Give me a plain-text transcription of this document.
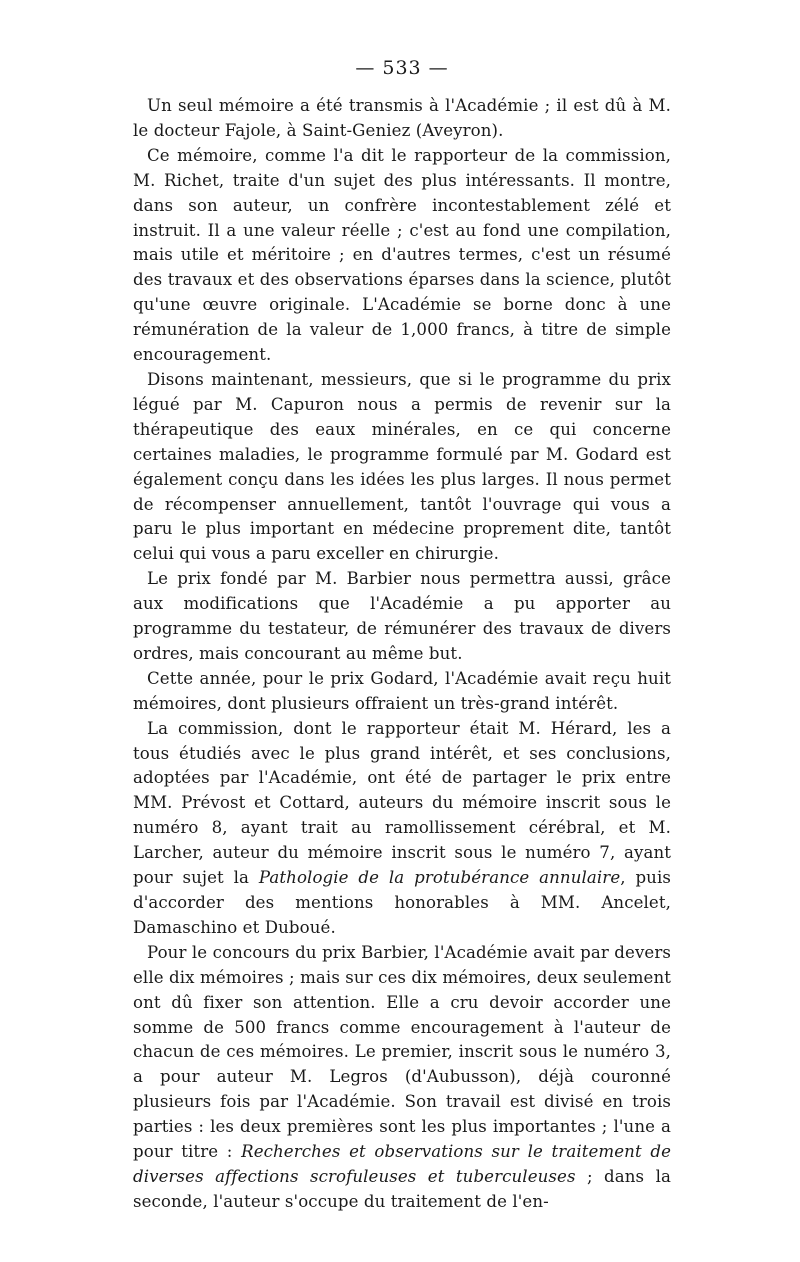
— 533 —

Un seul mémoire a été transmis à l'Académie ; il est dû à M. le docteur Fajole, à Saint-Geniez (Aveyron).

Ce mémoire, comme l'a dit le rapporteur de la commission, M. Richet, traite d'un sujet des plus intéressants. Il montre, dans son auteur, un confrère incontestablement zélé et instruit. Il a une valeur réelle ; c'est au fond une compilation, mais utile et méritoire ; en d'autres termes, c'est un résumé des travaux et des observations éparses dans la science, plutôt qu'une œuvre originale. L'Académie se borne donc à une rémunération de la valeur de 1,000 francs, à titre de simple encouragement.

Disons maintenant, messieurs, que si le programme du prix légué par M. Capuron nous a permis de revenir sur la thérapeutique des eaux minérales, en ce qui concerne certaines maladies, le programme formulé par M. Godard est également conçu dans les idées les plus larges. Il nous permet de récompenser annuellement, tantôt l'ouvrage qui vous a paru le plus important en médecine proprement dite, tantôt celui qui vous a paru exceller en chirurgie.

Le prix fondé par M. Barbier nous permettra aussi, grâce aux modifications que l'Académie a pu apporter au programme du testateur, de rémunérer des travaux de divers ordres, mais concourant au même but.

Cette année, pour le prix Godard, l'Académie avait reçu huit mémoires, dont plusieurs offraient un très-grand intérêt.

La commission, dont le rapporteur était M. Hérard, les a tous étudiés avec le plus grand intérêt, et ses conclusions, adoptées par l'Académie, ont été de partager le prix entre MM. Prévost et Cottard, auteurs du mémoire inscrit sous le numéro 8, ayant trait au ramollissement cérébral, et M. Larcher, auteur du mémoire inscrit sous le numéro 7, ayant pour sujet la Pathologie de la protubérance annulaire, puis d'accorder des mentions honorables à MM. Ancelet, Damaschino et Duboué.

Pour le concours du prix Barbier, l'Académie avait par devers elle dix mémoires ; mais sur ces dix mémoires, deux seulement ont dû fixer son attention. Elle a cru devoir accorder une somme de 500 francs comme encouragement à l'auteur de chacun de ces mémoires. Le premier, inscrit sous le numéro 3, a pour auteur M. Legros (d'Aubusson), déjà couronné plusieurs fois par l'Académie. Son travail est divisé en trois parties : les deux premières sont les plus importantes ; l'une a pour titre : Recherches et observations sur le traitement de diverses affections scrofuleuses et tuberculeuses ; dans la seconde, l'auteur s'occupe du traitement de l'en-
